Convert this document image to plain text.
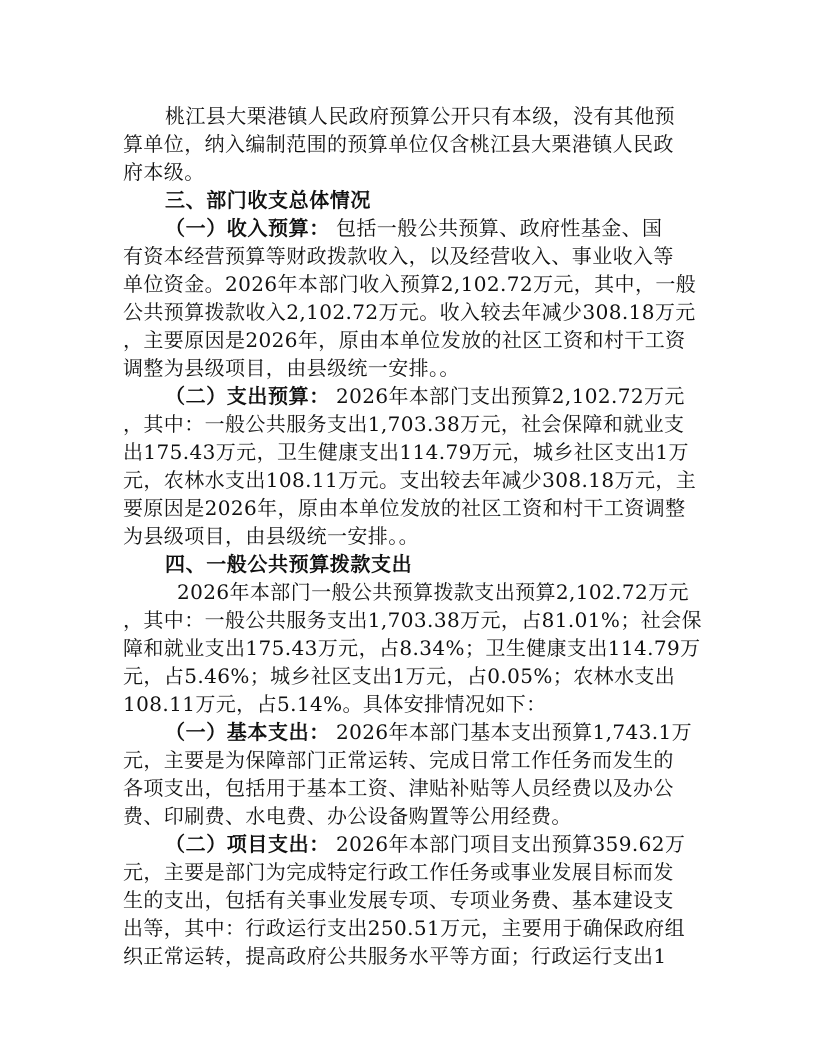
桃江县大栗港镇人民政府预算公开只有本级，没有其他预
算单位，纳入编制范围的预算单位仅含桃江县大栗港镇人民政
府本级。
三、部门收支总体情况
（一）收入预算： 包括一般公共预算、政府性基金、国
有资本经营预算等财政拨款收入，以及经营收入、事业收入等
单位资金。2026年本部门收入预算2,102.72万元，其中，一般
公共预算拨款收入2,102.72万元。收入较去年减少308.18万元
，主要原因是2026年，原由本单位发放的社区工资和村干工资
调整为县级项目，由县级统一安排。。
（二）支出预算： 2026年本部门支出预算2,102.72万元
，其中：一般公共服务支出1,703.38万元，社会保障和就业支
出175.43万元，卫生健康支出114.79万元，城乡社区支出1万
元，农林水支出108.11万元。支出较去年减少308.18万元，主
要原因是2026年，原由本单位发放的社区工资和村干工资调整
为县级项目，由县级统一安排。。
四、一般公共预算拨款支出
2026年本部门一般公共预算拨款支出预算2,102.72万元
，其中：一般公共服务支出1,703.38万元，占81.01%；社会保
障和就业支出175.43万元，占8.34%；卫生健康支出114.79万
元，占5.46%；城乡社区支出1万元，占0.05%；农林水支出
108.11万元，占5.14%。具体安排情况如下：
（一）基本支出： 2026年本部门基本支出预算1,743.1万
元，主要是为保障部门正常运转、完成日常工作任务而发生的
各项支出，包括用于基本工资、津贴补贴等人员经费以及办公
费、印刷费、水电费、办公设备购置等公用经费。
（二）项目支出： 2026年本部门项目支出预算359.62万
元，主要是部门为完成特定行政工作任务或事业发展目标而发
生的支出，包括有关事业发展专项、专项业务费、基本建设支
出等，其中：行政运行支出250.51万元，主要用于确保政府组
织正常运转，提高政府公共服务水平等方面；行政运行支出1
